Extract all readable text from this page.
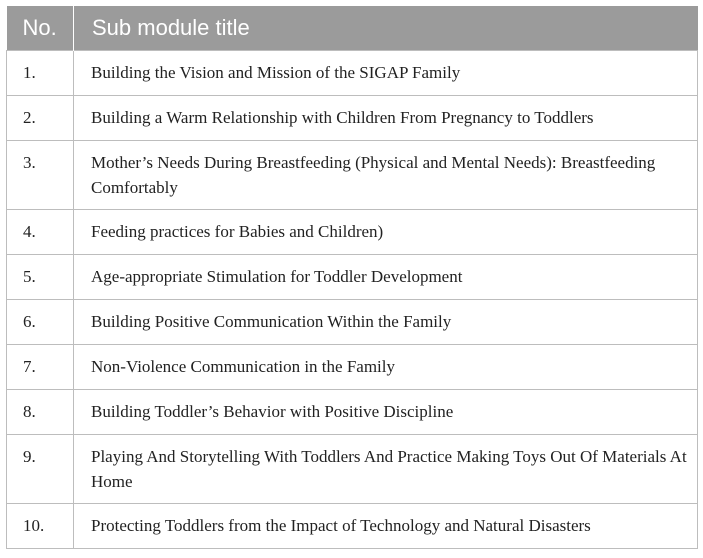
No.	Sub module title
1.	Building the Vision and Mission of the SIGAP Family
2.	Building a Warm Relationship with Children From Pregnancy to Toddlers
3.	Mother’s Needs During Breastfeeding (Physical and Mental Needs): Breastfeeding Comfortably
4.	Feeding practices for Babies and Children)
5.	Age-appropriate Stimulation for Toddler Development
6.	Building Positive Communication Within the Family
7.	Non-Violence Communication in the Family
8.	Building Toddler’s Behavior with Positive Discipline
9.	Playing And Storytelling With Toddlers And Practice Making Toys Out Of Materials At Home
10.	Protecting Toddlers from the Impact of Technology and Natural Disasters
